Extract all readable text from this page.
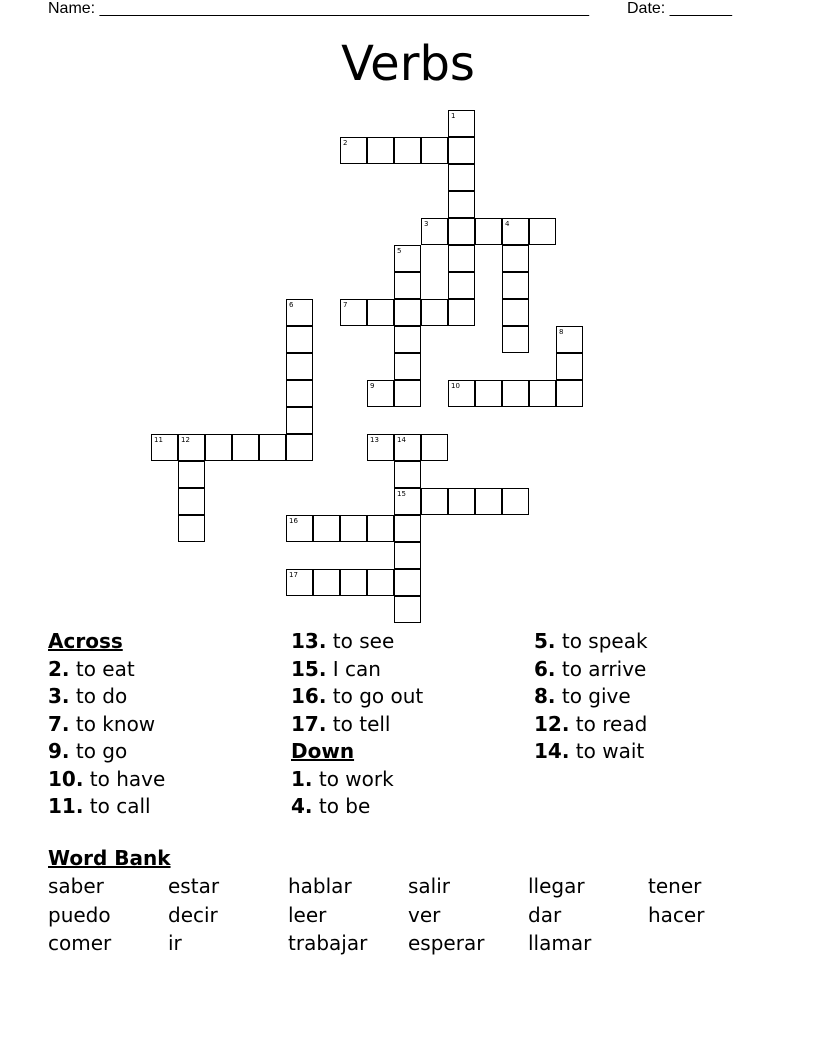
Name: _______________________________________________________ Date: _______
Verbs
1
2
3	4
5
6	7
8
9	10
11	12	13	14
15
16
17
Across
2. to eat
3. to do
7. to know
9. to go
10. to have
11. to call
13. to see
15. I can
16. to go out
17. to tell
Down
1. to work
4. to be
5. to speak
6. to arrive
8. to give
12. to read
14. to wait
Word Bank
saber	estar	hablar	salir	llegar	tener
puedo	decir	leer	ver	dar	hacer
comer	ir	trabajar esperar llamar
